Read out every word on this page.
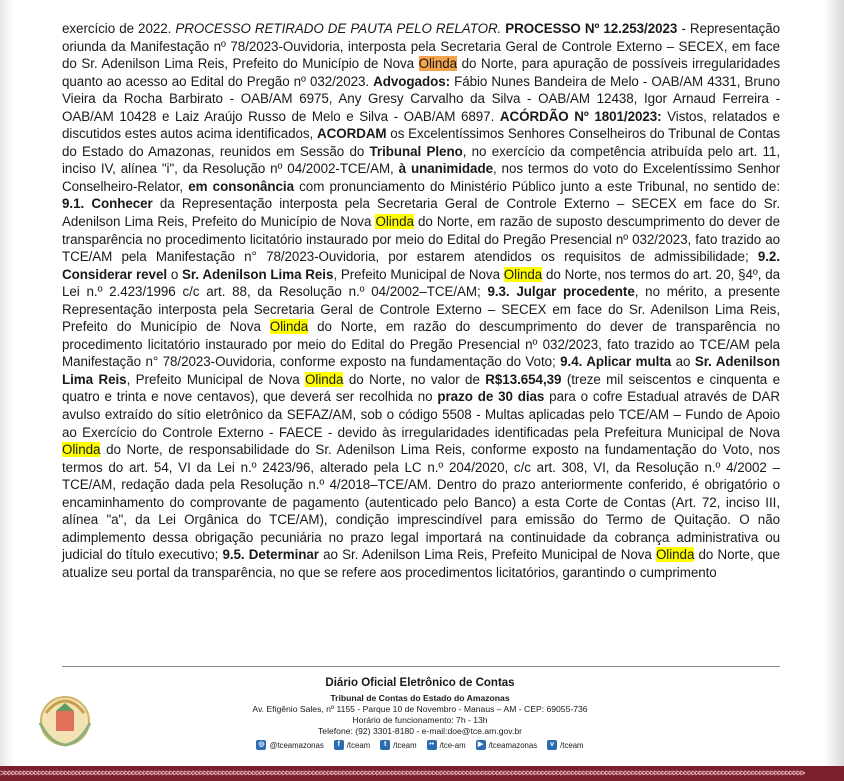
exercício de 2022. PROCESSO RETIRADO DE PAUTA PELO RELATOR. PROCESSO Nº 12.253/2023 - Representação oriunda da Manifestação nº 78/2023-Ouvidoria, interposta pela Secretaria Geral de Controle Externo – SECEX, em face do Sr. Adenilson Lima Reis, Prefeito do Município de Nova Olinda do Norte, para apuração de possíveis irregularidades quanto ao acesso ao Edital do Pregão nº 032/2023. Advogados: Fábio Nunes Bandeira de Melo - OAB/AM 4331, Bruno Vieira da Rocha Barbirato - OAB/AM 6975, Any Gresy Carvalho da Silva - OAB/AM 12438, Igor Arnaud Ferreira - OAB/AM 10428 e Laiz Araújo Russo de Melo e Silva - OAB/AM 6897. ACÓRDÃO Nº 1801/2023: Vistos, relatados e discutidos estes autos acima identificados, ACORDAM os Excelentíssimos Senhores Conselheiros do Tribunal de Contas do Estado do Amazonas, reunidos em Sessão do Tribunal Pleno, no exercício da competência atribuída pelo art. 11, inciso IV, alínea "i", da Resolução nº 04/2002-TCE/AM, à unanimidade, nos termos do voto do Excelentíssimo Senhor Conselheiro-Relator, em consonância com pronunciamento do Ministério Público junto a este Tribunal, no sentido de: 9.1. Conhecer da Representação interposta pela Secretaria Geral de Controle Externo – SECEX em face do Sr. Adenilson Lima Reis, Prefeito do Município de Nova Olinda do Norte, em razão de suposto descumprimento do dever de transparência no procedimento licitatório instaurado por meio do Edital do Pregão Presencial nº 032/2023, fato trazido ao TCE/AM pela Manifestação n° 78/2023-Ouvidoria, por estarem atendidos os requisitos de admissibilidade; 9.2. Considerar revel o Sr. Adenilson Lima Reis, Prefeito Municipal de Nova Olinda do Norte, nos termos do art. 20, §4º, da Lei n.º 2.423/1996 c/c art. 88, da Resolução n.º 04/2002–TCE/AM; 9.3. Julgar procedente, no mérito, a presente Representação interposta pela Secretaria Geral de Controle Externo – SECEX em face do Sr. Adenilson Lima Reis, Prefeito do Município de Nova Olinda do Norte, em razão do descumprimento do dever de transparência no procedimento licitatório instaurado por meio do Edital do Pregão Presencial nº 032/2023, fato trazido ao TCE/AM pela Manifestação n° 78/2023-Ouvidoria, conforme exposto na fundamentação do Voto; 9.4. Aplicar multa ao Sr. Adenilson Lima Reis, Prefeito Municipal de Nova Olinda do Norte, no valor de R$13.654,39 (treze mil seiscentos e cinquenta e quatro e trinta e nove centavos), que deverá ser recolhida no prazo de 30 dias para o cofre Estadual através de DAR avulso extraído do sítio eletrônico da SEFAZ/AM, sob o código 5508 - Multas aplicadas pelo TCE/AM – Fundo de Apoio ao Exercício do Controle Externo - FAECE - devido às irregularidades identificadas pela Prefeitura Municipal de Nova Olinda do Norte, de responsabilidade do Sr. Adenilson Lima Reis, conforme exposto na fundamentação do Voto, nos termos do art. 54, VI da Lei n.º 2423/96, alterado pela LC n.º 204/2020, c/c art. 308, VI, da Resolução n.º 4/2002 – TCE/AM, redação dada pela Resolução n.º 4/2018–TCE/AM. Dentro do prazo anteriormente conferido, é obrigatório o encaminhamento do comprovante de pagamento (autenticado pelo Banco) a esta Corte de Contas (Art. 72, inciso III, alínea "a", da Lei Orgânica do TCE/AM), condição imprescindível para emissão do Termo de Quitação. O não adimplemento dessa obrigação pecuniária no prazo legal importará na continuidade da cobrança administrativa ou judicial do título executivo; 9.5. Determinar ao Sr. Adenilson Lima Reis, Prefeito Municipal de Nova Olinda do Norte, que atualize seu portal da transparência, no que se refere aos procedimentos licitatórios, garantindo o cumprimento
Diário Oficial Eletrônico de Contas
Tribunal de Contas do Estado do Amazonas
Av. Efigênio Sales, nº 1155 - Parque 10 de Novembro - Manaus – AM - CEP: 69055-736
Horário de funcionamento: 7h - 13h
Telefone: (92) 3301-8180 - e-mail:doe@tce.am.gov.br
◎ @tceamazonas	f /tceam	t /tceam	•• /tce-am	▶ /tceamazonas	v /tceam
>>>>>>>>>>>>>>>>>>>>>>>>>>>>>>>>>>>>>>>>>>>>>>>>>>>>>>>>>>>>>>>>>>>>>>>>>>>>>>>>>>>>>>>>>>>>>>>>>>>>>>>>>>>>>>>>>>>>>>>>>>>>>>>>>>>>>>>>>>>>>>>>>>>>>>>>>>>>>>>>>>>>>>>>>>>>>>>>>>>>>>>>>>>>>>>>>>>>>>>>>>>>>>>>>>>>>>
